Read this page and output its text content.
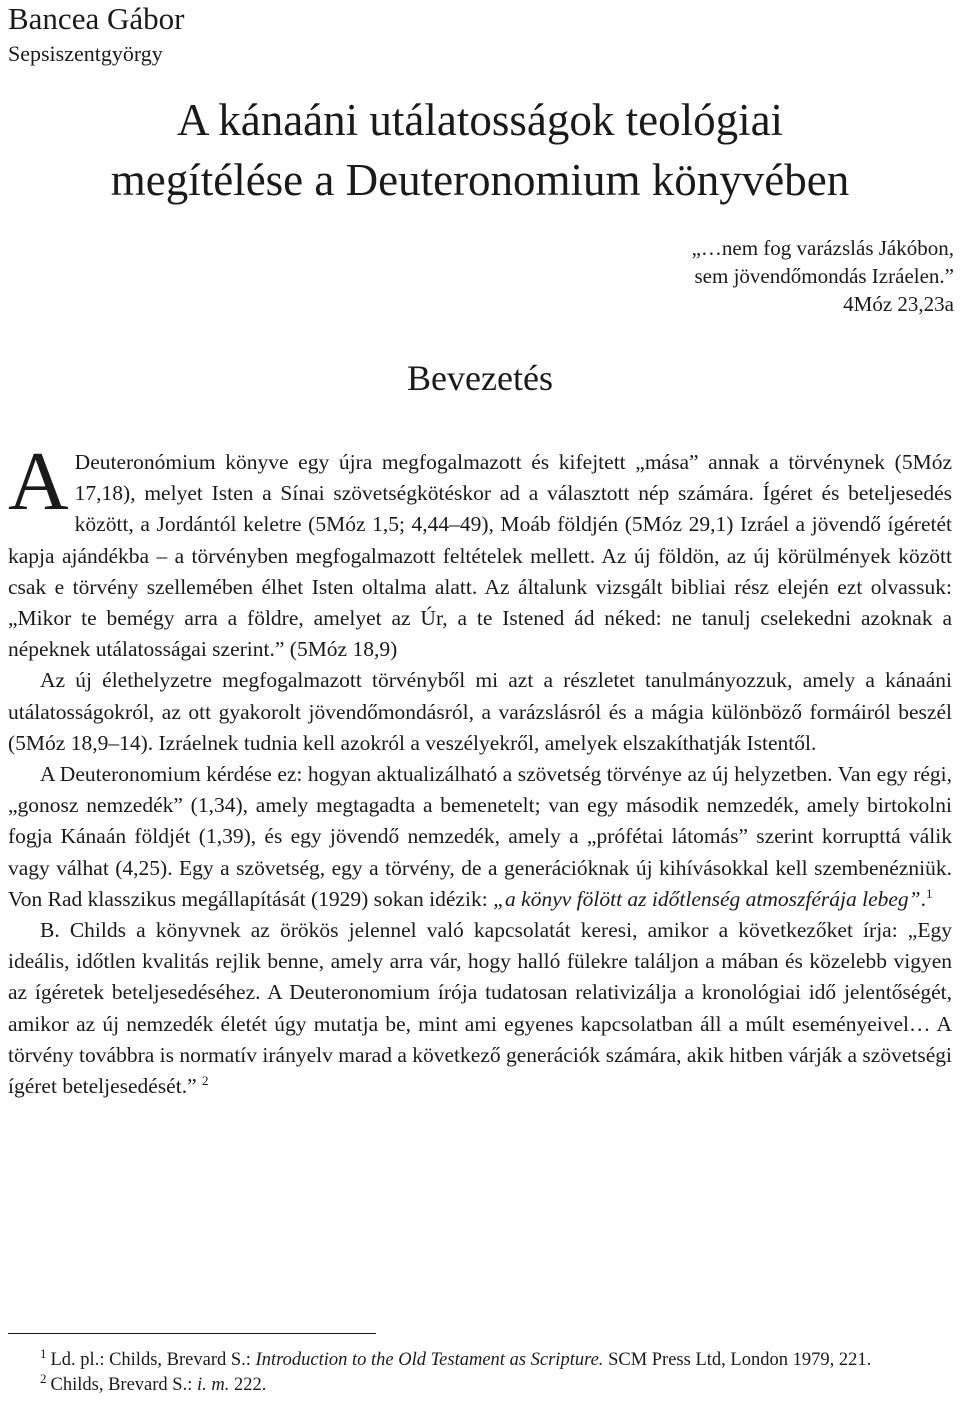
Bancea Gábor
Sepsiszentgyörgy
A kánaáni utálatosságok teológiai
megítélése a Deuteronomium könyvében
„…nem fog varázslás Jákóbon,
sem jövendőmondás Izráelen.”
4Móz 23,23a
Bevezetés

A Deuteronómium könyve egy újra megfogalmazott és kifejtett „mása” annak a törvénynek (5Móz 17,18), melyet Isten a Sínai szövetségkötéskor ad a választott nép számára. Ígéret és beteljesedés között, a Jordántól keletre (5Móz 1,5; 4,44–49), Moáb földjén (5Móz 29,1) Izráel a jövendő ígéretét kapja ajándékba – a törvényben megfogalmazott feltételek mellett. Az új földön, az új körülmények között csak e törvény szellemében élhet Isten oltalma alatt. Az általunk vizsgált bibliai rész elején ezt olvassuk: „Mikor te bemégy arra a földre, amelyet az Úr, a te Istened ád néked: ne tanulj cselekedni azoknak a népeknek utálatosságai szerint.” (5Móz 18,9)

Az új élethelyzetre megfogalmazott törvényből mi azt a részletet tanulmányozzuk, amely a kánaáni utálatosságokról, az ott gyakorolt jövendőmondásról, a varázslásról és a mágia különböző formáiról beszél (5Móz 18,9–14). Izráelnek tudnia kell azokról a veszélyekről, amelyek elszakíthatják Istentől.

A Deuteronomium kérdése ez: hogyan aktualizálható a szövetség törvénye az új helyzetben. Van egy régi, „gonosz nemzedék” (1,34), amely megtagadta a bemenetelt; van egy második nemzedék, amely birtokolni fogja Kánaán földjét (1,39), és egy jövendő nemzedék, amely a „prófétai látomás” szerint korrupttá válik vagy válhat (4,25). Egy a szövetség, egy a törvény, de a generációknak új kihívásokkal kell szembenézniük. Von Rad klasszikus megállapítását (1929) sokan idézik: „a könyv fölött az időtlenség atmoszférája lebeg”.$^1$

B. Childs a könyvnek az örökös jelennel való kapcsolatát keresi, amikor a következőket írja: „Egy ideális, időtlen kvalitás rejlik benne, amely arra vár, hogy halló fülekre találjon a mában és közelebb vigyen az ígéretek beteljesedéséhez. A Deuteronomium írója tudatosan relativizálja a kronológiai idő jelentőségét, amikor az új nemzedék életét úgy mutatja be, mint ami egyenes kapcsolatban áll a múlt eseményeivel… A törvény továbbra is normatív irányelv marad a következő generációk számára, akik hitben várják a szövetségi ígéret beteljesedését.” $^2$

$^1$ Ld. pl.: Childs, Brevard S.: Introduction to the Old Testament as Scripture. SCM Press Ltd, London 1979, 221.

$^2$ Childs, Brevard S.: i. m. 222.
